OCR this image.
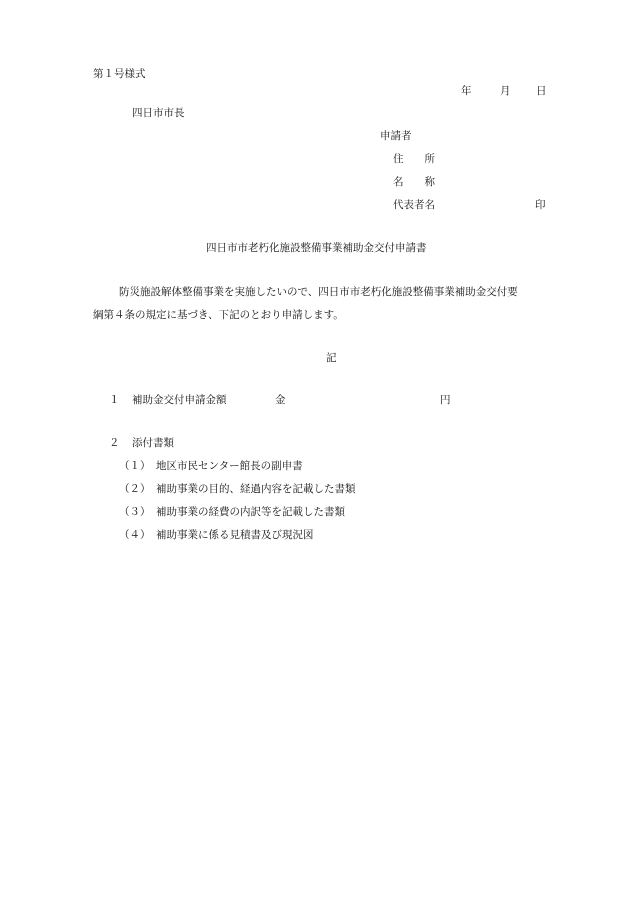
第１号様式
年	月 日
四日市市長
申請者
住　　所
名　　称
代表者名	印
四日市市老朽化施設整備事業補助金交付申請書
防災施設解体整備事業を実施したいので、四日市市老朽化施設整備事業補助金交付要
綱第４条の規定に基づき、下記のとおり申請します。
記
１ 補助金交付申請金額	金	円
２ 添付書類
（１） 地区市民センター館長の副申書
（２） 補助事業の目的、経過内容を記載した書類
（３） 補助事業の経費の内訳等を記載した書類
（４） 補助事業に係る見積書及び現況図
